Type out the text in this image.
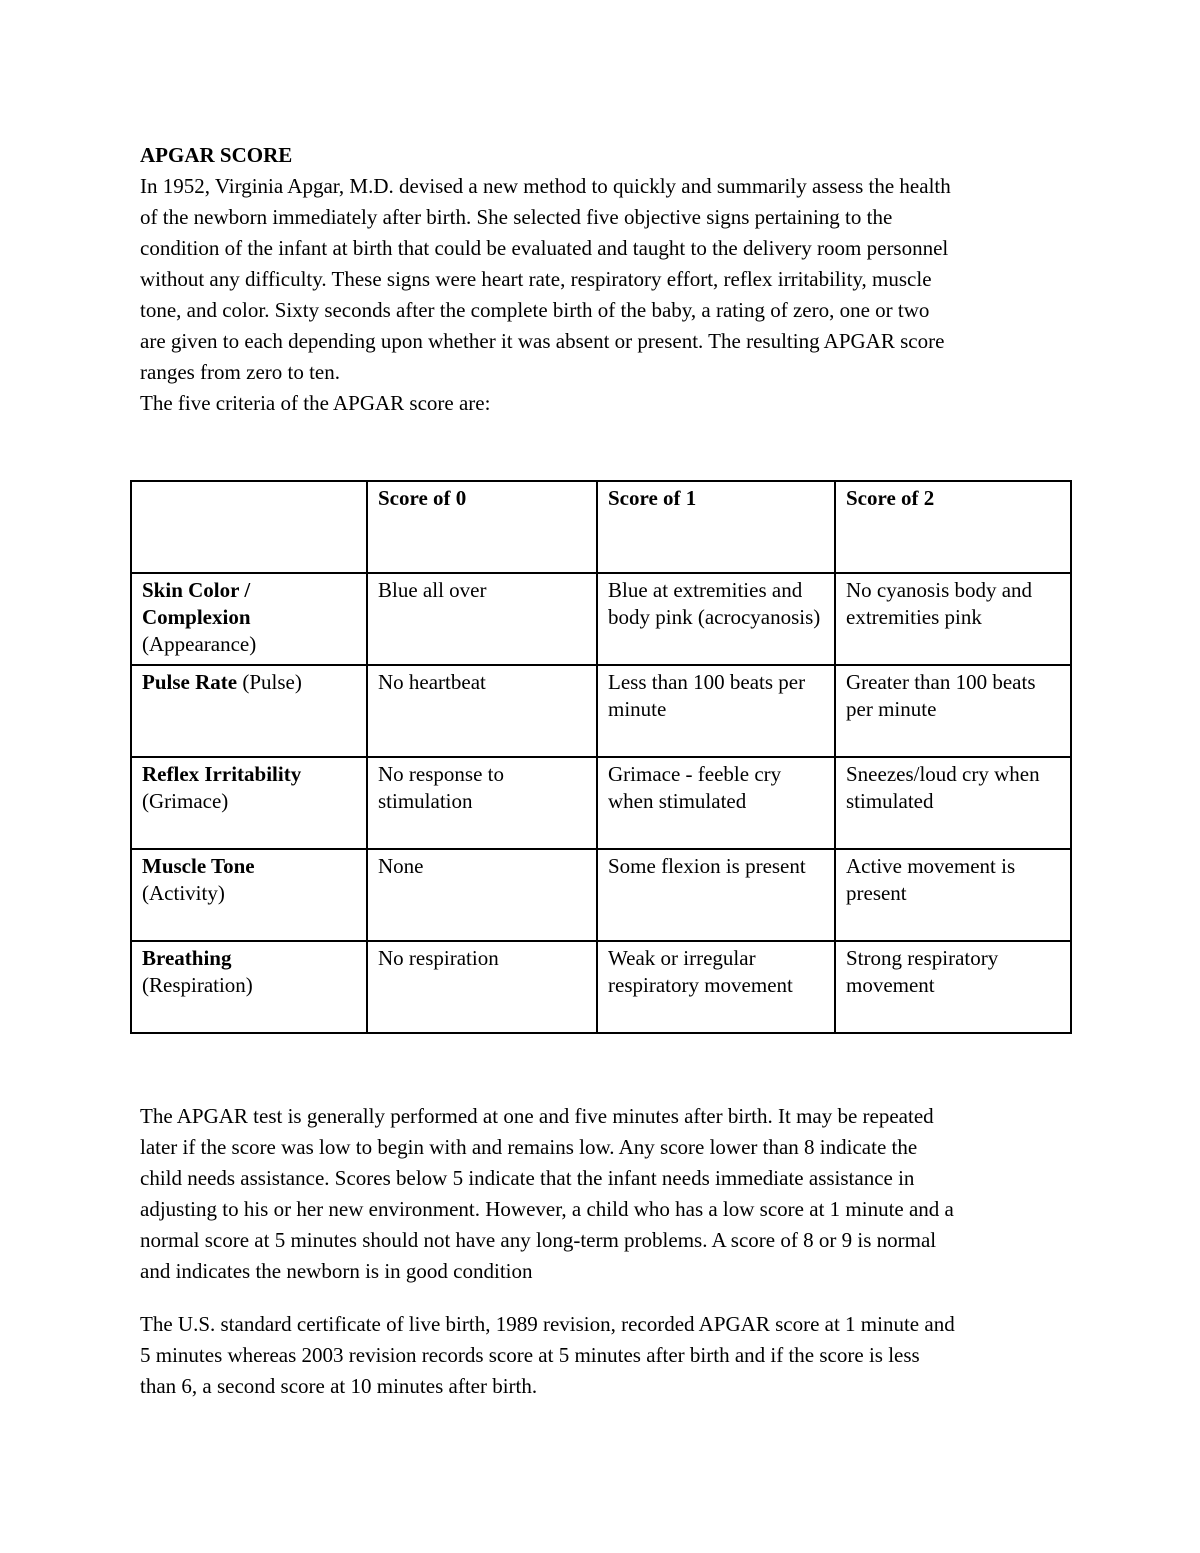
APGAR SCORE

In 1952, Virginia Apgar, M.D. devised a new method to quickly and summarily assess the health
of the newborn immediately after birth. She selected five objective signs pertaining to the
condition of the infant at birth that could be evaluated and taught to the delivery room personnel
without any difficulty. These signs were heart rate, respiratory effort, reflex irritability, muscle
tone, and color. Sixty seconds after the complete birth of the baby, a rating of zero, one or two
are given to each depending upon whether it was absent or present. The resulting APGAR score
ranges from zero to ten.

The five criteria of the APGAR score are:

	Score of 0	Score of 1	Score of 2
Skin Color / Complexion
(Appearance)	Blue all over	Blue at extremities and body pink (acrocyanosis)	No cyanosis body and extremities pink
Pulse Rate (Pulse)	No heartbeat	Less than 100 beats per minute	Greater than 100 beats per minute
Reflex Irritability
(Grimace)	No response to stimulation	Grimace - feeble cry when stimulated	Sneezes/loud cry when stimulated
Muscle Tone
(Activity)	None	Some flexion is present	Active movement is present
Breathing
(Respiration)	No respiration	Weak or irregular respiratory movement	Strong respiratory movement

The APGAR test is generally performed at one and five minutes after birth. It may be repeated
later if the score was low to begin with and remains low. Any score lower than 8 indicate the
child needs assistance. Scores below 5 indicate that the infant needs immediate assistance in
adjusting to his or her new environment. However, a child who has a low score at 1 minute and a
normal score at 5 minutes should not have any long-term problems. A score of 8 or 9 is normal
and indicates the newborn is in good condition

The U.S. standard certificate of live birth, 1989 revision, recorded APGAR score at 1 minute and
5 minutes whereas 2003 revision records score at 5 minutes after birth and if the score is less
than 6, a second score at 10 minutes after birth.
